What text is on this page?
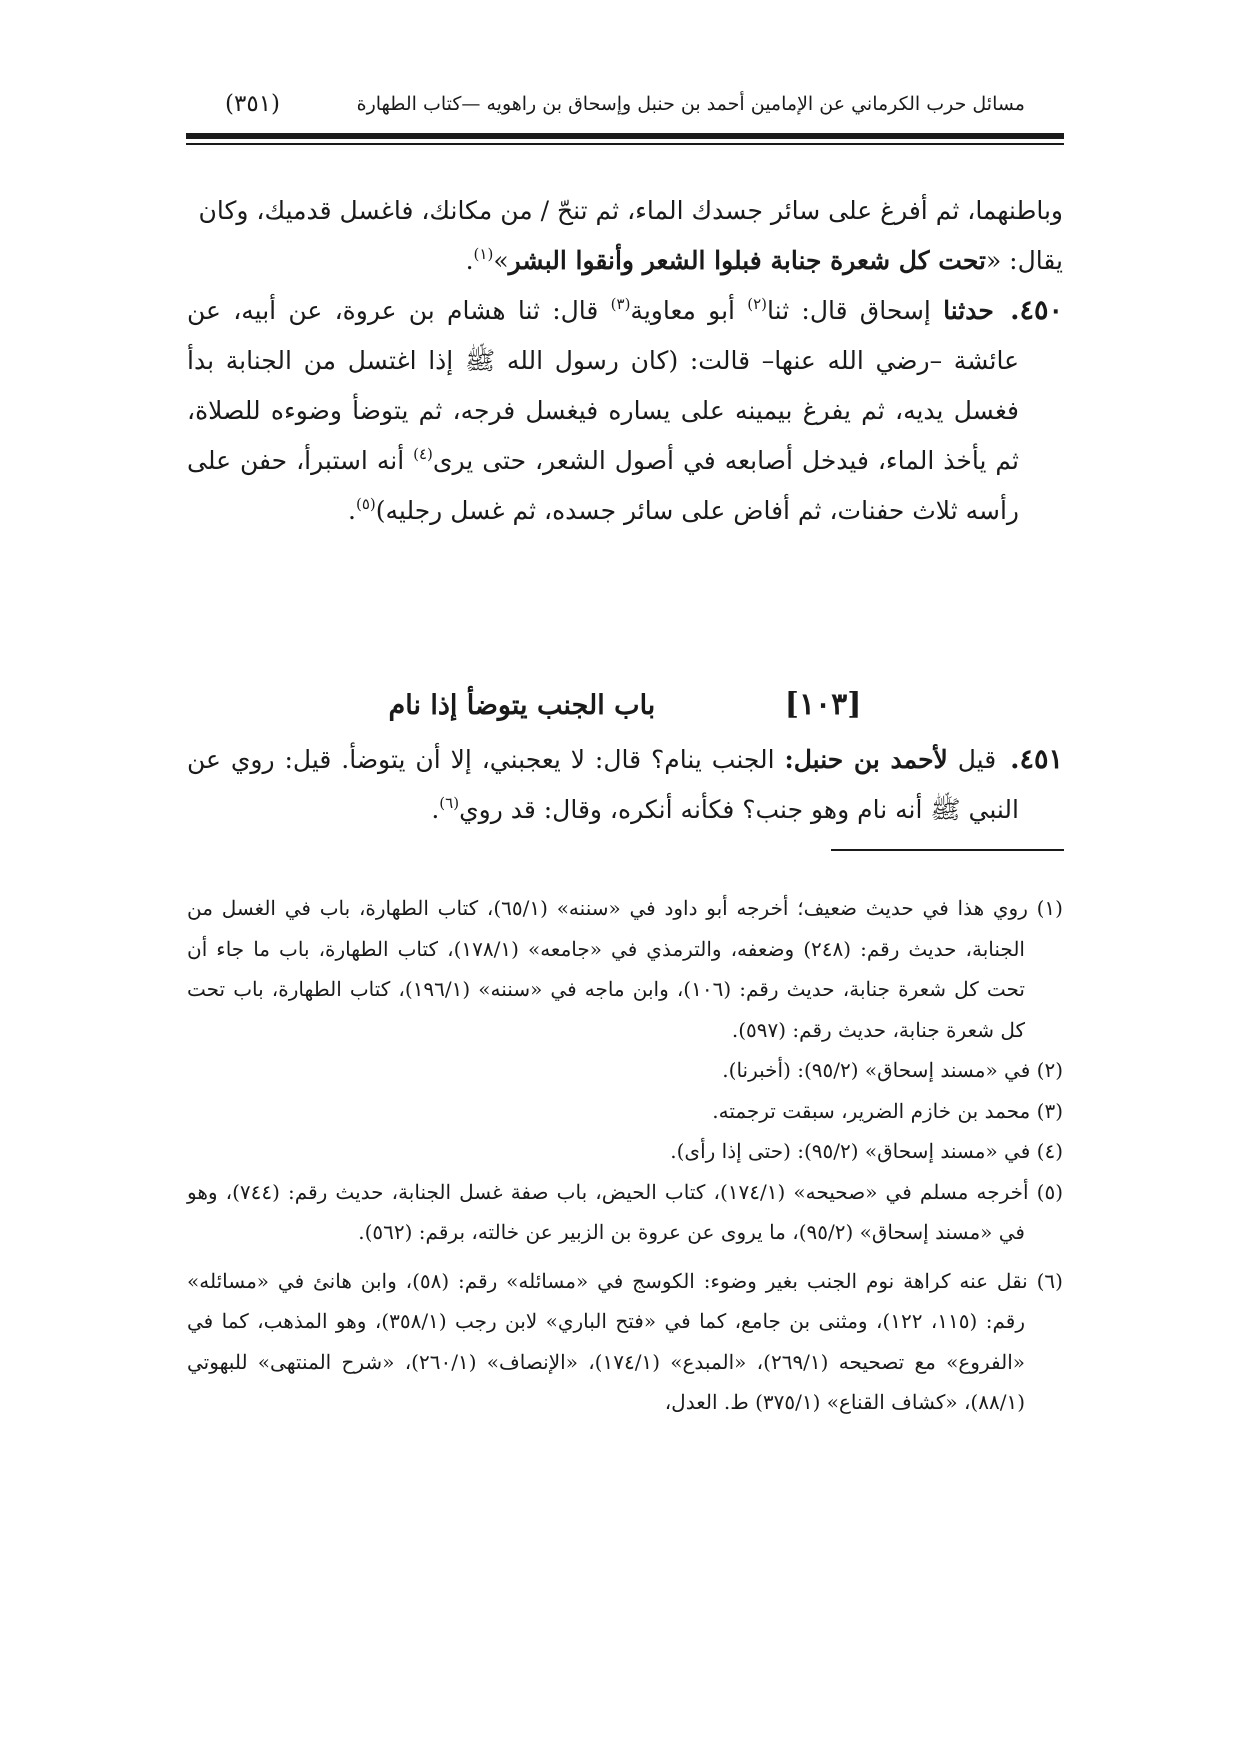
مسائل حرب الكرماني عن الإمامين أحمد بن حنبل وإسحاق بن راهويه —كتاب الطهارة
(٣٥١)

وباطنهما، ثم أفرغ على سائر جسدك الماء، ثم تنحّ / من مكانك، فاغسل قدميك، وكان
يقال: «تحت كل شعرة جنابة فبلوا الشعر وأنقوا البشر»$^{(١)}$.

٤٥٠. حدثنا إسحاق قال: ثنا$^{(٢)}$ أبو معاوية$^{(٣)}$ قال: ثنا هشام بن عروة، عن أبيه، عن عائشة –رضي الله عنها– قالت: (كان رسول الله ﷺ إذا اغتسل من الجنابة بدأ فغسل يديه، ثم يفرغ بيمينه على يساره فيغسل فرجه، ثم يتوضأ وضوءه للصلاة، ثم يأخذ الماء، فيدخل أصابعه في أصول الشعر، حتى يرى$^{(٤)}$ أنه استبرأ، حفن على رأسه ثلاث حفنات، ثم أفاض على سائر جسده، ثم غسل رجليه)$^{(٥)}$.

[١٠٣] باب الجنب يتوضأ إذا نام

٤٥١. قيل لأحمد بن حنبل: الجنب ينام؟ قال: لا يعجبني، إلا أن يتوضأ. قيل: روي عن النبي ﷺ أنه نام وهو جنب؟ فكأنه أنكره، وقال: قد روي$^{(٦)}$.

(١) روي هذا في حديث ضعيف؛ أخرجه أبو داود في «سننه» (٦٥/١)، كتاب الطهارة، باب في الغسل من الجنابة، حديث رقم: (٢٤٨) وضعفه، والترمذي في «جامعه» (١٧٨/١)، كتاب الطهارة، باب ما جاء أن تحت كل شعرة جنابة، حديث رقم: (١٠٦)، وابن ماجه في «سننه» (١٩٦/١)، كتاب الطهارة، باب تحت كل شعرة جنابة، حديث رقم: (٥٩٧).

(٢) في «مسند إسحاق» (٩٥/٢): (أخبرنا).

(٣) محمد بن خازم الضرير، سبقت ترجمته.

(٤) في «مسند إسحاق» (٩٥/٢): (حتى إذا رأى).

(٥) أخرجه مسلم في «صحيحه» (١٧٤/١)، كتاب الحيض، باب صفة غسل الجنابة، حديث رقم: (٧٤٤)، وهو في «مسند إسحاق» (٩٥/٢)، ما يروى عن عروة بن الزبير عن خالته، برقم: (٥٦٢).

(٦) نقل عنه كراهة نوم الجنب بغير وضوء: الكوسج في «مسائله» رقم: (٥٨)، وابن هانئ في «مسائله» رقم: (١١٥، ١٢٢)، ومثنى بن جامع، كما في «فتح الباري» لابن رجب (٣٥٨/١)، وهو المذهب، كما في «الفروع» مع تصحيحه (٢٦٩/١)، «المبدع» (١٧٤/١)، «الإنصاف» (٢٦٠/١)، «شرح المنتهى» للبهوتي (٨٨/١)، «كشاف القناع» (٣٧٥/١) ط. العدل،
